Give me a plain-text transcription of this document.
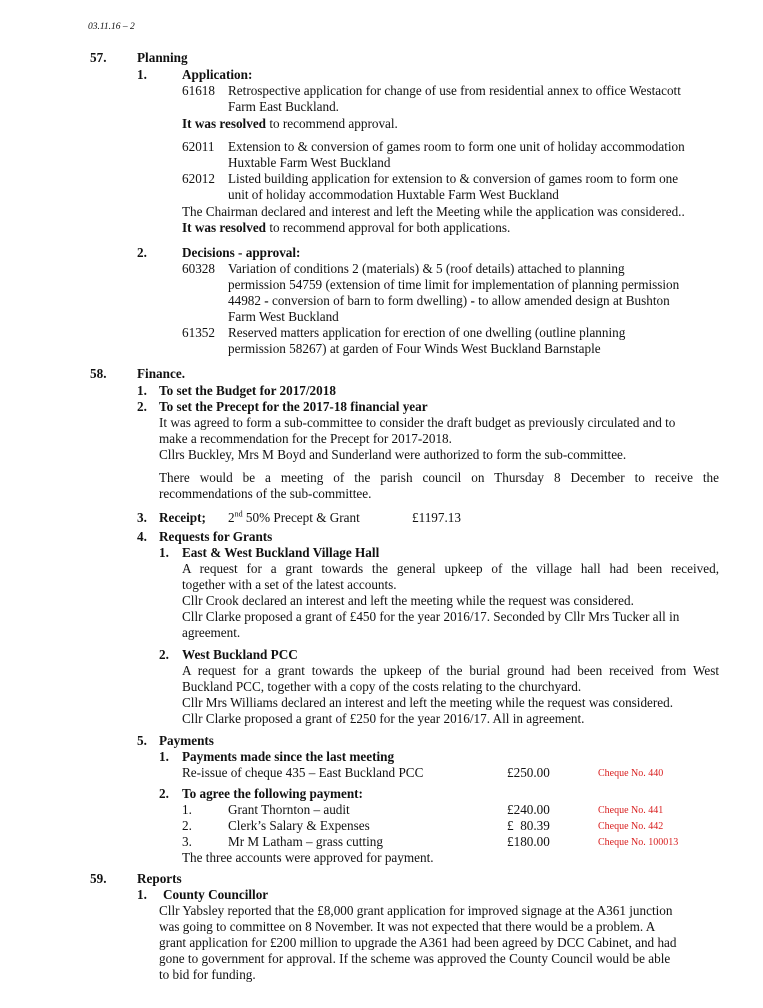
03.11.16 – 2
57. Planning
1.	Application:
61618 Retrospective application for change of use from residential annex to office Westacott
Farm East Buckland.
It was resolved to recommend approval.
62011 Extension to & conversion of games room to form one unit of holiday accommodation
Huxtable Farm West Buckland
62012 Listed building application for extension to & conversion of games room to form one
unit of holiday accommodation Huxtable Farm West Buckland
The Chairman declared and interest and left the Meeting while the application was considered..
It was resolved to recommend approval for both applications.
2.	Decisions - approval:
60328 Variation of conditions 2 (materials) & 5 (roof details) attached to planning
permission 54759 (extension of time limit for implementation of planning permission
44982 - conversion of barn to form dwelling) - to allow amended design at Bushton
Farm West Buckland
61352 Reserved matters application for erection of one dwelling (outline planning
permission 58267) at garden of Four Winds West Buckland Barnstaple
58. Finance.
1. To set the Budget for 2017/2018
2. To set the Precept for the 2017-18 financial year
It was agreed to form a sub-committee to consider the draft budget as previously circulated and to
make a recommendation for the Precept for 2017-2018.
Cllrs Buckley, Mrs M Boyd and Sunderland were authorized to form the sub-committee.
There would be a meeting of the parish council on Thursday 8 December to receive the
recommendations of the sub-committee.
3. Receipt; 2nd 50% Precept & Grant	£1197.13
4. Requests for Grants
1. East & West Buckland Village Hall
A request for a grant towards the general upkeep of the village hall had been received,
together with a set of the latest accounts.
Cllr Crook declared an interest and left the meeting while the request was considered.
Cllr Clarke proposed a grant of £450 for the year 2016/17. Seconded by Cllr Mrs Tucker all in
agreement.
2. West Buckland PCC
A request for a grant towards the upkeep of the burial ground had been received from West
Buckland PCC, together with a copy of the costs relating to the churchyard.
Cllr Mrs Williams declared an interest and left the meeting while the request was considered.
Cllr Clarke proposed a grant of £250 for the year 2016/17. All in agreement.
5. Payments
1. Payments made since the last meeting
Re-issue of cheque 435 – East Buckland PCC	£250.00	Cheque No. 440
2. To agree the following payment:
1.	Grant Thornton – audit	£240.00	Cheque No. 441
2.	Clerk’s Salary & Expenses	£  80.39	Cheque No. 442
3.	Mr M Latham – grass cutting	£180.00	Cheque No. 100013
The three accounts were approved for payment.
59. Reports
1. County Councillor
Cllr Yabsley reported that the £8,000 grant application for improved signage at the A361 junction
was going to committee on 8 November. It was not expected that there would be a problem. A
grant application for £200 million to upgrade the A361 had been agreed by DCC Cabinet, and had
gone to government for approval. If the scheme was approved the County Council would be able
to bid for funding.
